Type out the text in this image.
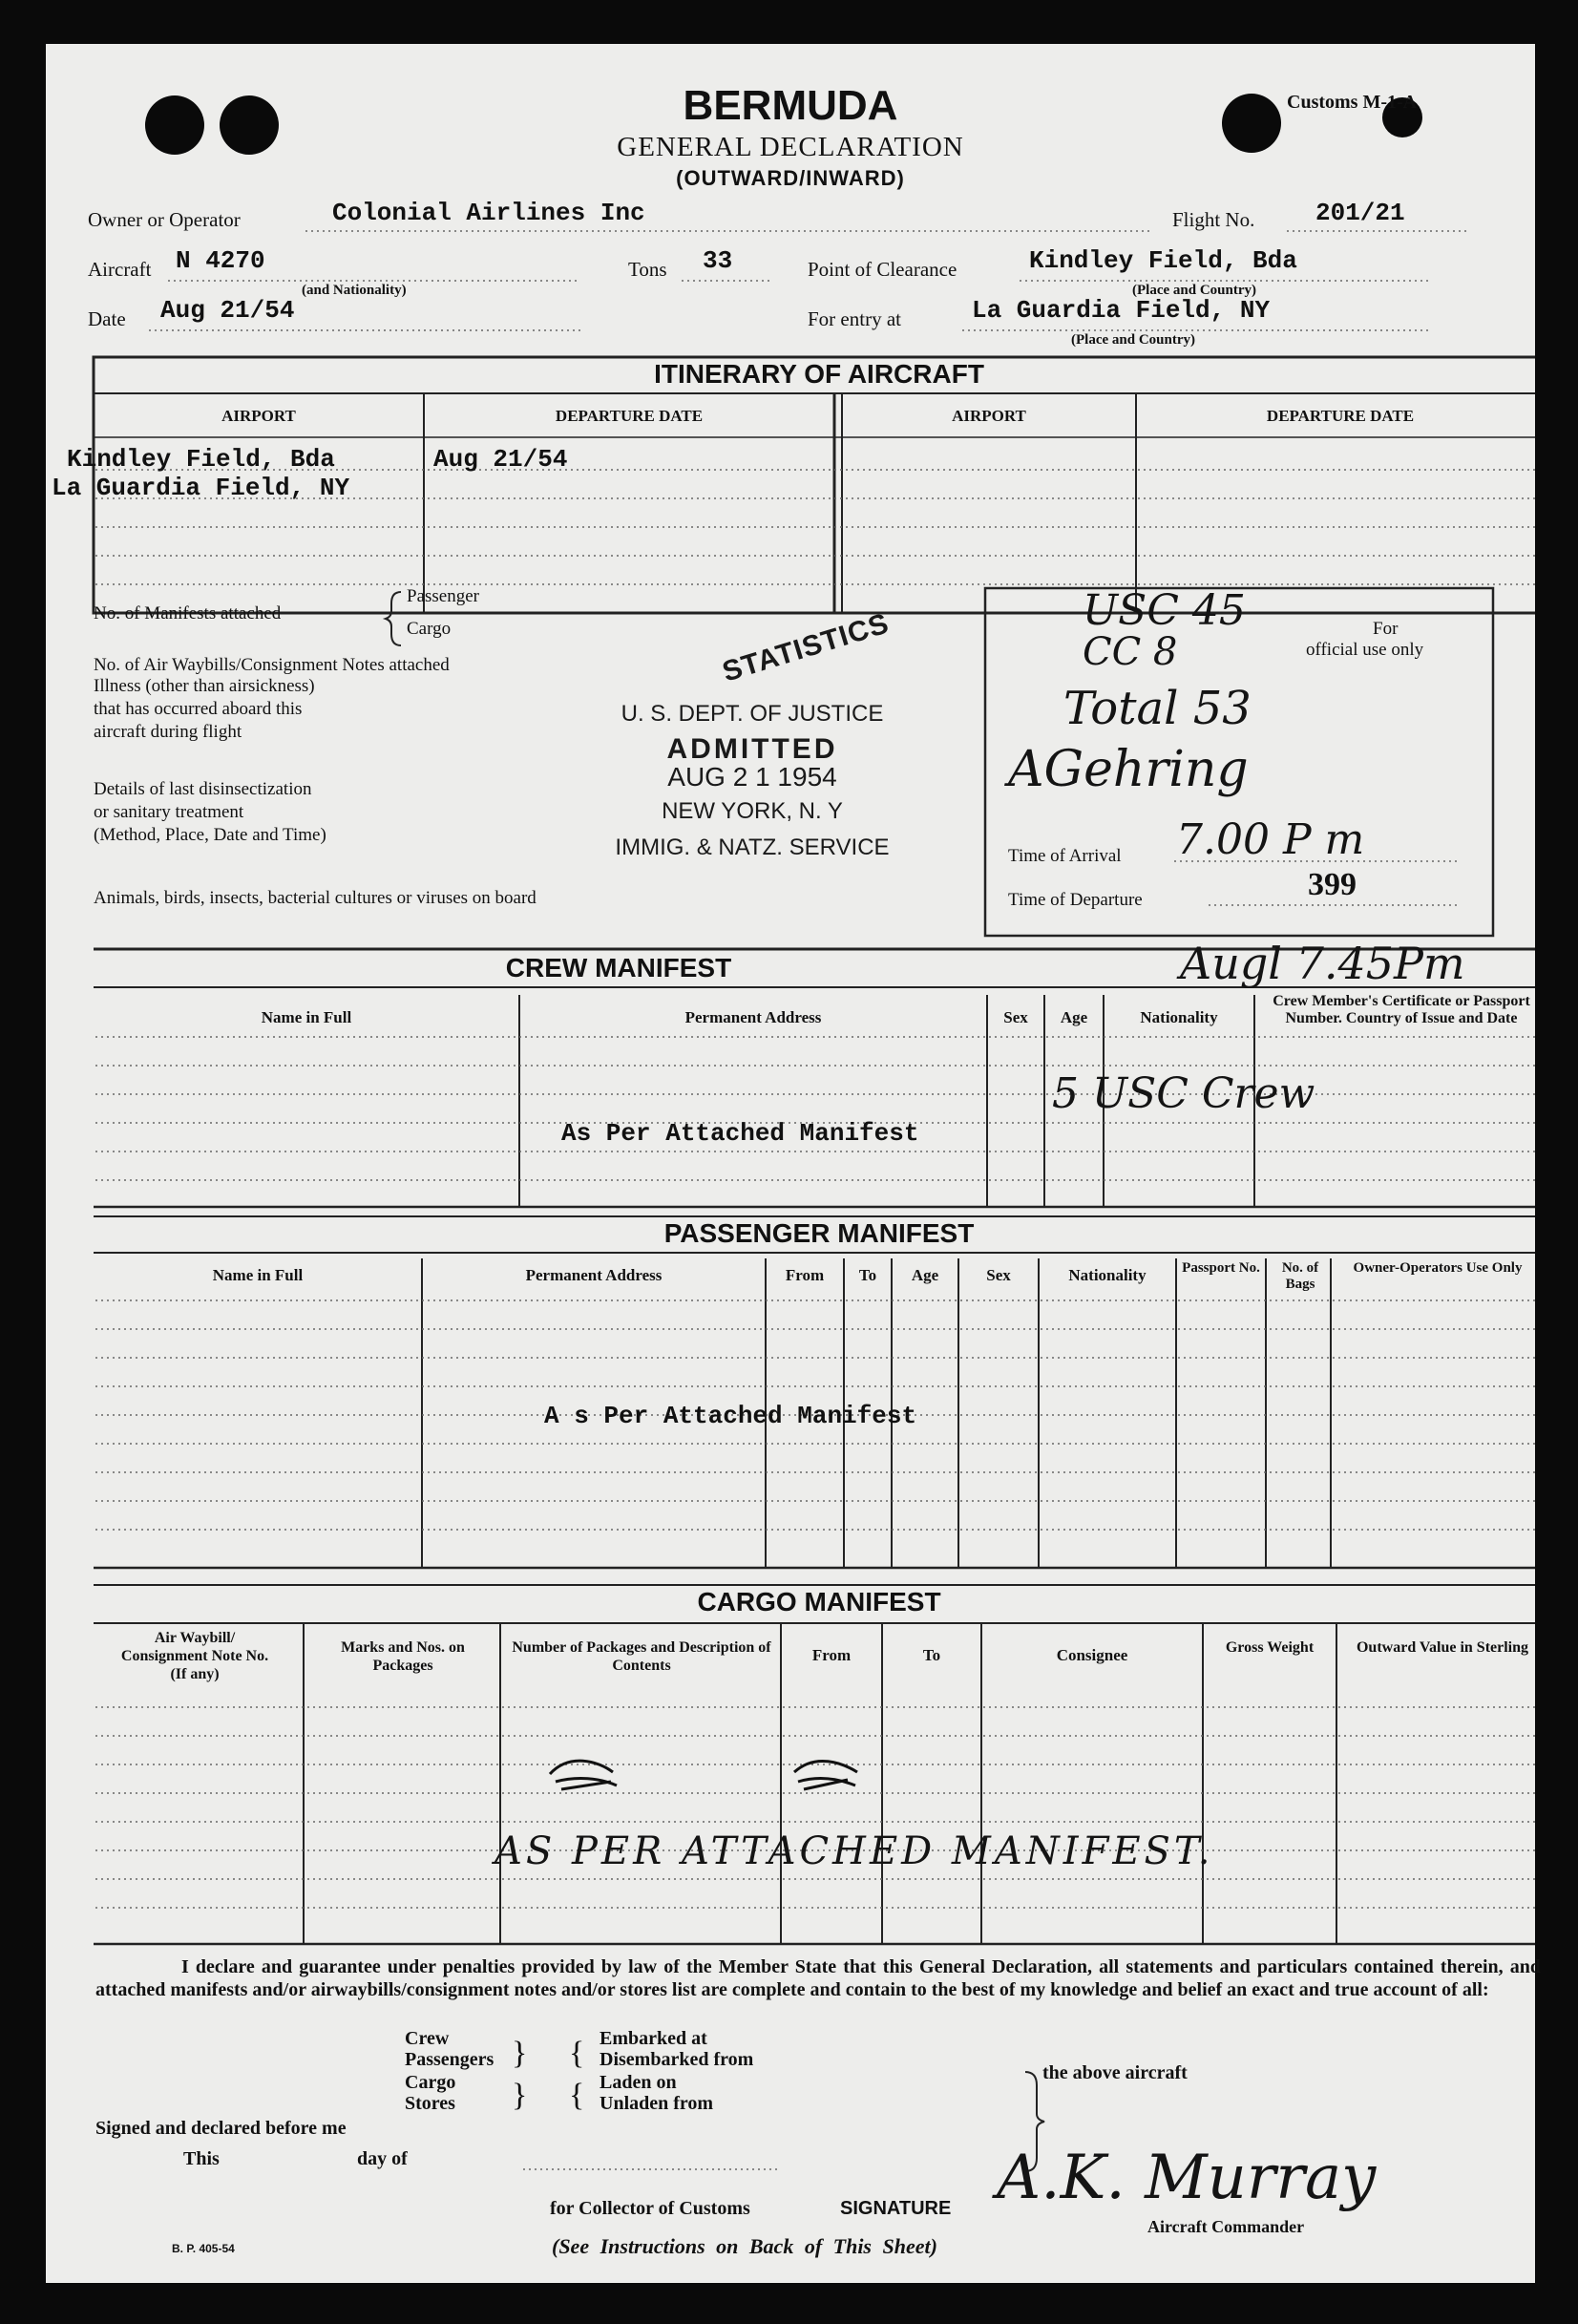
Customs M-1-A
BERMUDA
GENERAL DECLARATION
(OUTWARD/INWARD)
Owner or Operator	Colonial Airlines Inc	Flight No. 201/21
Aircraft N 4270
(and Nationality)
Tons 33	Point of Clearance	Kindley Field, Bda
(Place and Country)
Date Aug 21/54	For entry at	La Guardia Field, NY
(Place and Country)
ITINERARY OF AIRCRAFT
AIRPORT	DEPARTURE DATE	AIRPORT	DEPARTURE DATE
Kindley Field, Bda	Aug 21/54
La Guardia Field, NY
No. of Manifests attached
Passenger
Cargo
No. of Air Waybills/Consignment Notes attached
Illness (other than airsickness)
that has occurred aboard this
aircraft during flight
Details of last disinsectization
or sanitary treatment
(Method, Place, Date and Time)
Animals, birds, insects, bacterial cultures or viruses on board
STATISTICS
U. S. DEPT. OF JUSTICE
ADMITTED
AUG 2 1 1954
NEW YORK, N. Y
IMMIG. & NATZ. SERVICE
For
official use only
USC 45
CC 8
Total 53
AGehring
Time of Arrival 7.00 P m
Time of Departure	399
Augl 7.45Pm
CREW MANIFEST
Name in Full	Permanent Address	Sex	Age	Nationality
Crew Member's Certificate or Passport Number. Country of Issue and Date
As Per Attached Manifest
5 USC Crew
PASSENGER MANIFEST
Name in Full	Permanent Address	From	To	Age	Sex	Nationality	Passport No.	No. of Bags
Owner-Operators Use Only
A s Per Attached Manifest
CARGO MANIFEST
Air Waybill/ Consignment Note No. (If any)
Marks and Nos. on Packages
Number of Packages and Description of Contents
From	To	Consignee	Gross Weight	Outward Value in Sterling
AS PER ATTACHED MANIFEST.
I declare and guarantee under penalties provided by law of the Member State that this General Declaration, all statements and particulars contained therein, and attached manifests and/or airwaybills/consignment notes and/or stores list are complete and contain to the best of my knowledge and belief an exact and true account of all:
Crew
Passengers
Cargo
Stores
}
}
{
{
Embarked at
Disembarked from
Laden on
Unladen from
the above aircraft
Signed and declared before me
This	day of
for Collector of Customs	SIGNATURE A.K. Murray
Aircraft Commander
B. P. 405-54	(See Instructions on Back of This Sheet)
